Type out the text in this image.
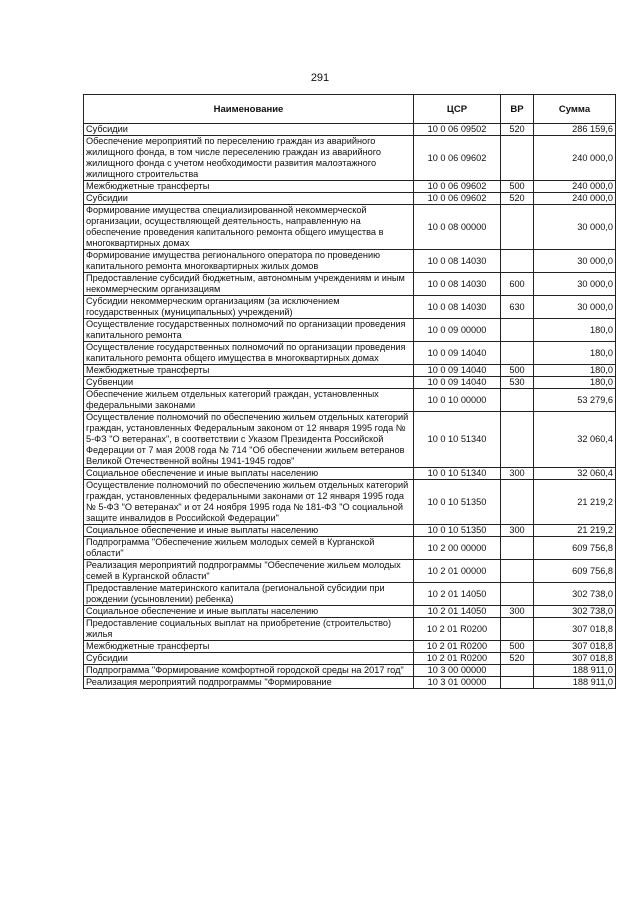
291
Наименование	ЦСР	ВР	Сумма
Субсидии	10 0 06 09502	520	286 159,6
Обеспечение мероприятий по переселению граждан из аварийного жилищного фонда, в том числе переселению граждан из аварийного жилищного фонда с учетом необходимости развития малоэтажного жилищного строительства	10 0 06 09602		240 000,0
Межбюджетные трансферты	10 0 06 09602	500	240 000,0
Субсидии	10 0 06 09602	520	240 000,0
Формирование имущества специализированной некоммерческой организации, осуществляющей деятельность, направленную на обеспечение проведения капитального ремонта общего имущества в многоквартирных домах	10 0 08 00000		30 000,0
Формирование имущества регионального оператора по проведению капитального ремонта многоквартирных жилых домов	10 0 08 14030		30 000,0
Предоставление субсидий бюджетным, автономным учреждениям и иным некоммерческим организациям	10 0 08 14030	600	30 000,0
Субсидии некоммерческим организациям (за исключением государственных (муниципальных) учреждений)	10 0 08 14030	630	30 000,0
Осуществление государственных полномочий по организации проведения капитального ремонта	10 0 09 00000		180,0
Осуществление государственных полномочий по организации проведения капитального ремонта общего имущества в многоквартирных домах	10 0 09 14040		180,0
Межбюджетные трансферты	10 0 09 14040	500	180,0
Субвенции	10 0 09 14040	530	180,0
Обеспечение жильем отдельных категорий граждан, установленных федеральными законами	10 0 10 00000		53 279,6
Осуществление полномочий по обеспечению жильем отдельных категорий граждан, установленных Федеральным законом от 12 января 1995 года № 5-ФЗ "О ветеранах", в соответствии с Указом Президента Российской Федерации от 7 мая 2008 года № 714 "Об обеспечении жильем ветеранов Великой Отечественной войны 1941-1945 годов"	10 0 10 51340		32 060,4
Социальное обеспечение и иные выплаты населению	10 0 10 51340	300	32 060,4
Осуществление полномочий по обеспечению жильем отдельных категорий граждан, установленных федеральными законами от 12 января 1995 года № 5-ФЗ "О ветеранах" и от 24 ноября 1995 года № 181-ФЗ "О социальной защите инвалидов в Российской Федерации"	10 0 10 51350		21 219,2
Социальное обеспечение и иные выплаты населению	10 0 10 51350	300	21 219,2
Подпрограмма "Обеспечение жильем молодых семей в Курганской области"	10 2 00 00000		609 756,8
Реализация мероприятий подпрограммы "Обеспечение жильем молодых семей в Курганской области"	10 2 01 00000		609 756,8
Предоставление материнского капитала (региональной субсидии при рождении (усыновлении) ребенка)	10 2 01 14050		302 738,0
Социальное обеспечение и иные выплаты населению	10 2 01 14050	300	302 738,0
Предоставление социальных выплат на приобретение (строительство) жилья	10 2 01 R0200		307 018,8
Межбюджетные трансферты	10 2 01 R0200	500	307 018,8
Субсидии	10 2 01 R0200	520	307 018,8
Подпрограмма "Формирование комфортной городской среды на 2017 год"	10 3 00 00000		188 911,0
Реализация мероприятий подпрограммы "Формирование	10 3 01 00000		188 911,0
